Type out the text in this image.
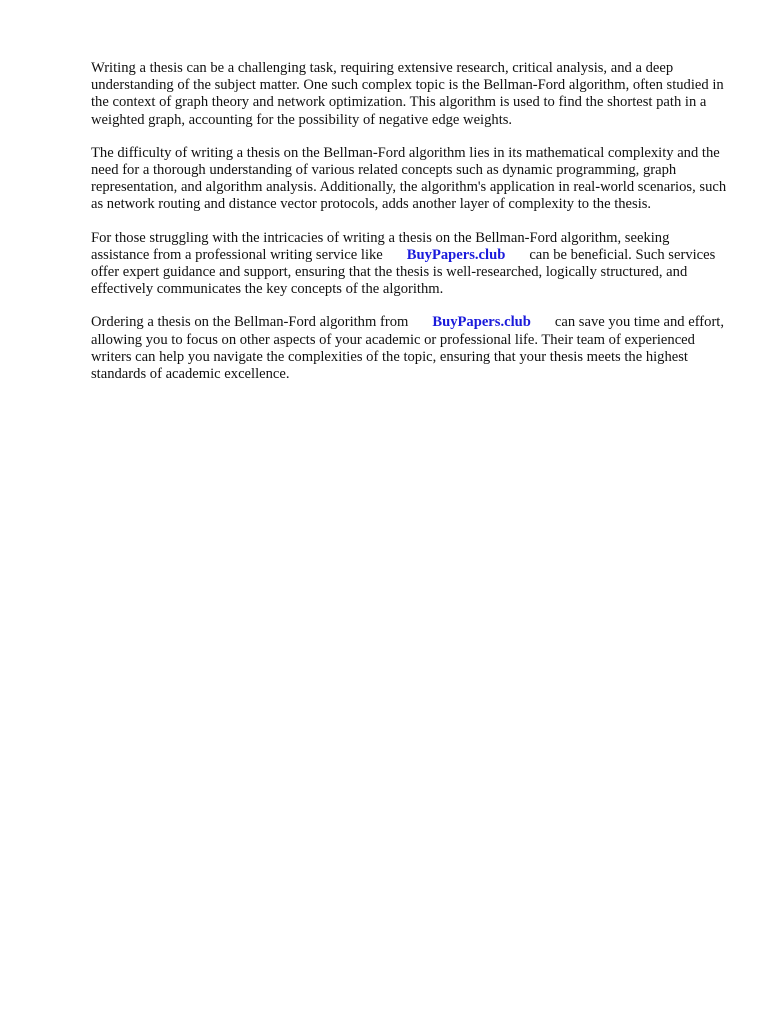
Writing a thesis can be a challenging task, requiring extensive research, critical analysis, and a deep understanding of the subject matter. One such complex topic is the Bellman-Ford algorithm, often studied in the context of graph theory and network optimization. This algorithm is used to find the shortest path in a weighted graph, accounting for the possibility of negative edge weights.

The difficulty of writing a thesis on the Bellman-Ford algorithm lies in its mathematical complexity and the need for a thorough understanding of various related concepts such as dynamic programming, graph representation, and algorithm analysis. Additionally, the algorithm's application in real-world scenarios, such as network routing and distance vector protocols, adds another layer of complexity to the thesis.

For those struggling with the intricacies of writing a thesis on the Bellman-Ford algorithm, seeking assistance from a professional writing service like BuyPapers.club can be beneficial. Such services offer expert guidance and support, ensuring that the thesis is well-researched, logically structured, and effectively communicates the key concepts of the algorithm.

Ordering a thesis on the Bellman-Ford algorithm from BuyPapers.club can save you time and effort, allowing you to focus on other aspects of your academic or professional life. Their team of experienced writers can help you navigate the complexities of the topic, ensuring that your thesis meets the highest standards of academic excellence.
